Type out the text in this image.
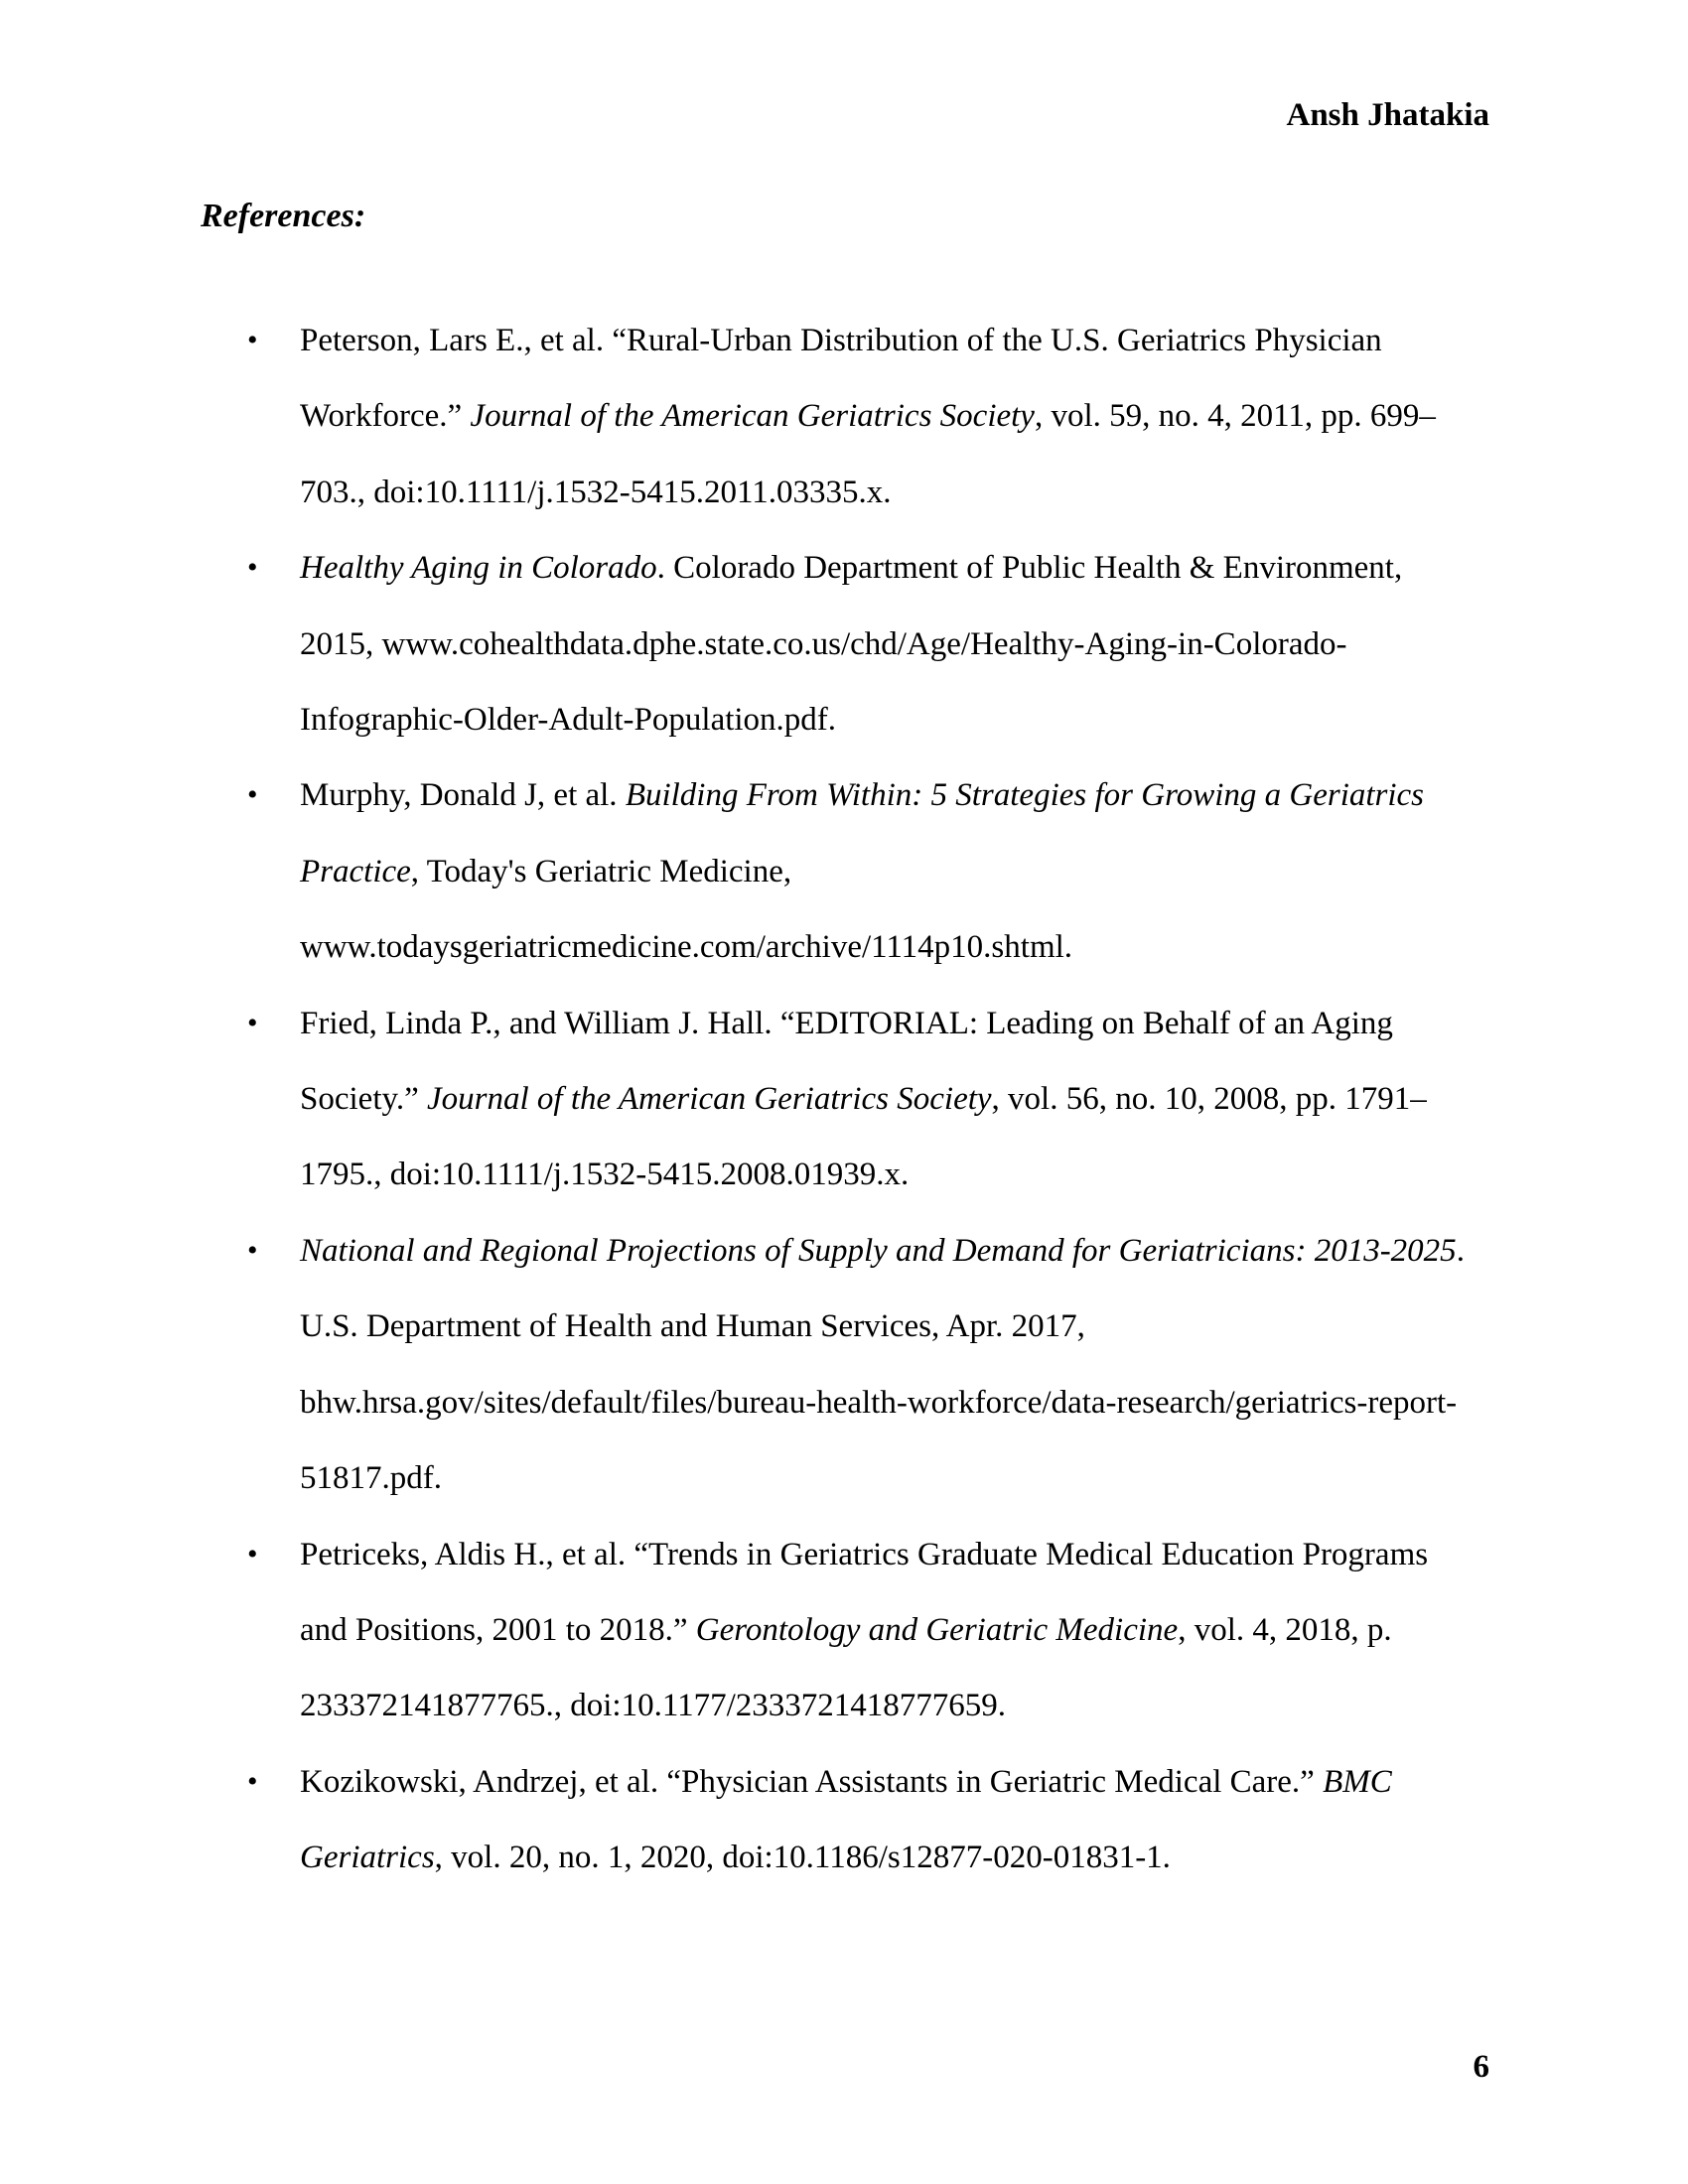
Ansh Jhatakia
References:
• Peterson, Lars E., et al. “Rural-Urban Distribution of the U.S. Geriatrics Physician
Workforce.” Journal of the American Geriatrics Society, vol. 59, no. 4, 2011, pp. 699–
703., doi:10.1111/j.1532-5415.2011.03335.x.
• Healthy Aging in Colorado. Colorado Department of Public Health & Environment,
2015, www.cohealthdata.dphe.state.co.us/chd/Age/Healthy-Aging-in-Colorado-
Infographic-Older-Adult-Population.pdf.
• Murphy, Donald J, et al. Building From Within: 5 Strategies for Growing a Geriatrics
Practice, Today's Geriatric Medicine,
www.todaysgeriatricmedicine.com/archive/1114p10.shtml.
• Fried, Linda P., and William J. Hall. “EDITORIAL: Leading on Behalf of an Aging
Society.” Journal of the American Geriatrics Society, vol. 56, no. 10, 2008, pp. 1791–
1795., doi:10.1111/j.1532-5415.2008.01939.x.
• National and Regional Projections of Supply and Demand for Geriatricians: 2013-2025.
U.S. Department of Health and Human Services, Apr. 2017,
bhw.hrsa.gov/sites/default/files/bureau-health-workforce/data-research/geriatrics-report-
51817.pdf.
• Petriceks, Aldis H., et al. “Trends in Geriatrics Graduate Medical Education Programs
and Positions, 2001 to 2018.” Gerontology and Geriatric Medicine, vol. 4, 2018, p.
233372141877765., doi:10.1177/2333721418777659.
• Kozikowski, Andrzej, et al. “Physician Assistants in Geriatric Medical Care.” BMC
Geriatrics, vol. 20, no. 1, 2020, doi:10.1186/s12877-020-01831-1.
6
